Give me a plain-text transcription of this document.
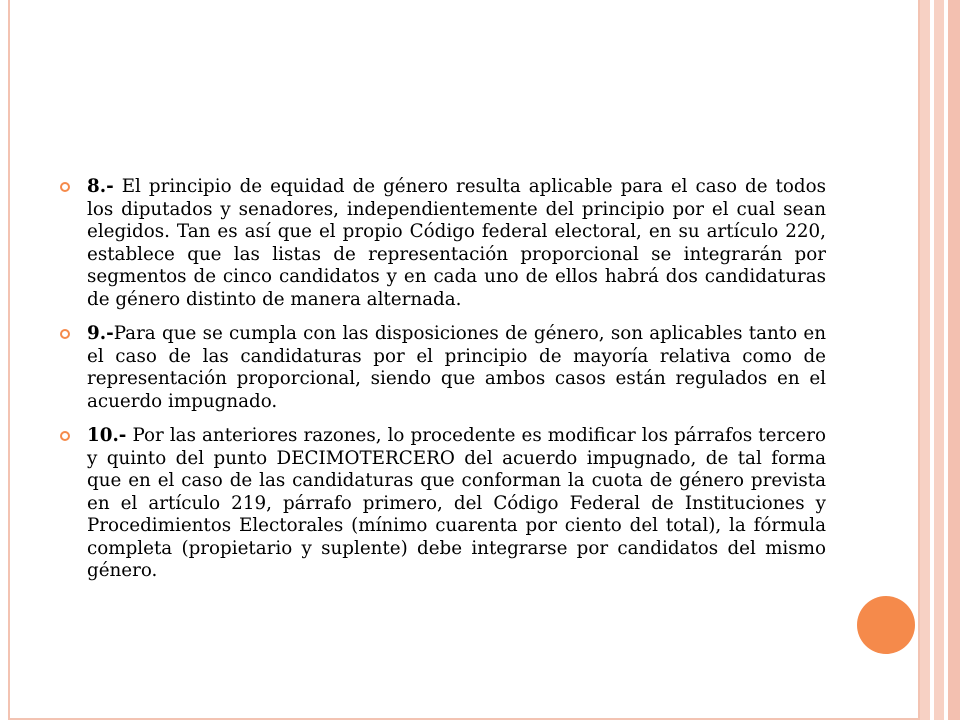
8.- El principio de equidad de género resulta aplicable para el caso de todos los diputados y senadores, independientemente del principio por el cual sean elegidos. Tan es así que el propio Código federal electoral, en su artículo 220, establece que las listas de representación proporcional se integrarán por segmentos de cinco candidatos y en cada uno de ellos habrá dos candidaturas de género distinto de manera alternada.
9.-Para que se cumpla con las disposiciones de género, son aplicables tanto en el caso de las candidaturas por el principio de mayoría relativa como de representación proporcional, siendo que ambos casos están regulados en el acuerdo impugnado.
10.- Por las anteriores razones, lo procedente es modificar los párrafos tercero y quinto del punto DECIMOTERCERO del acuerdo impugnado, de tal forma que en el caso de las candidaturas que conforman la cuota de género prevista en el artículo 219, párrafo primero, del Código Federal de Instituciones y Procedimientos Electorales (mínimo cuarenta por ciento del total), la fórmula completa (propietario y suplente) debe integrarse por candidatos del mismo género.
